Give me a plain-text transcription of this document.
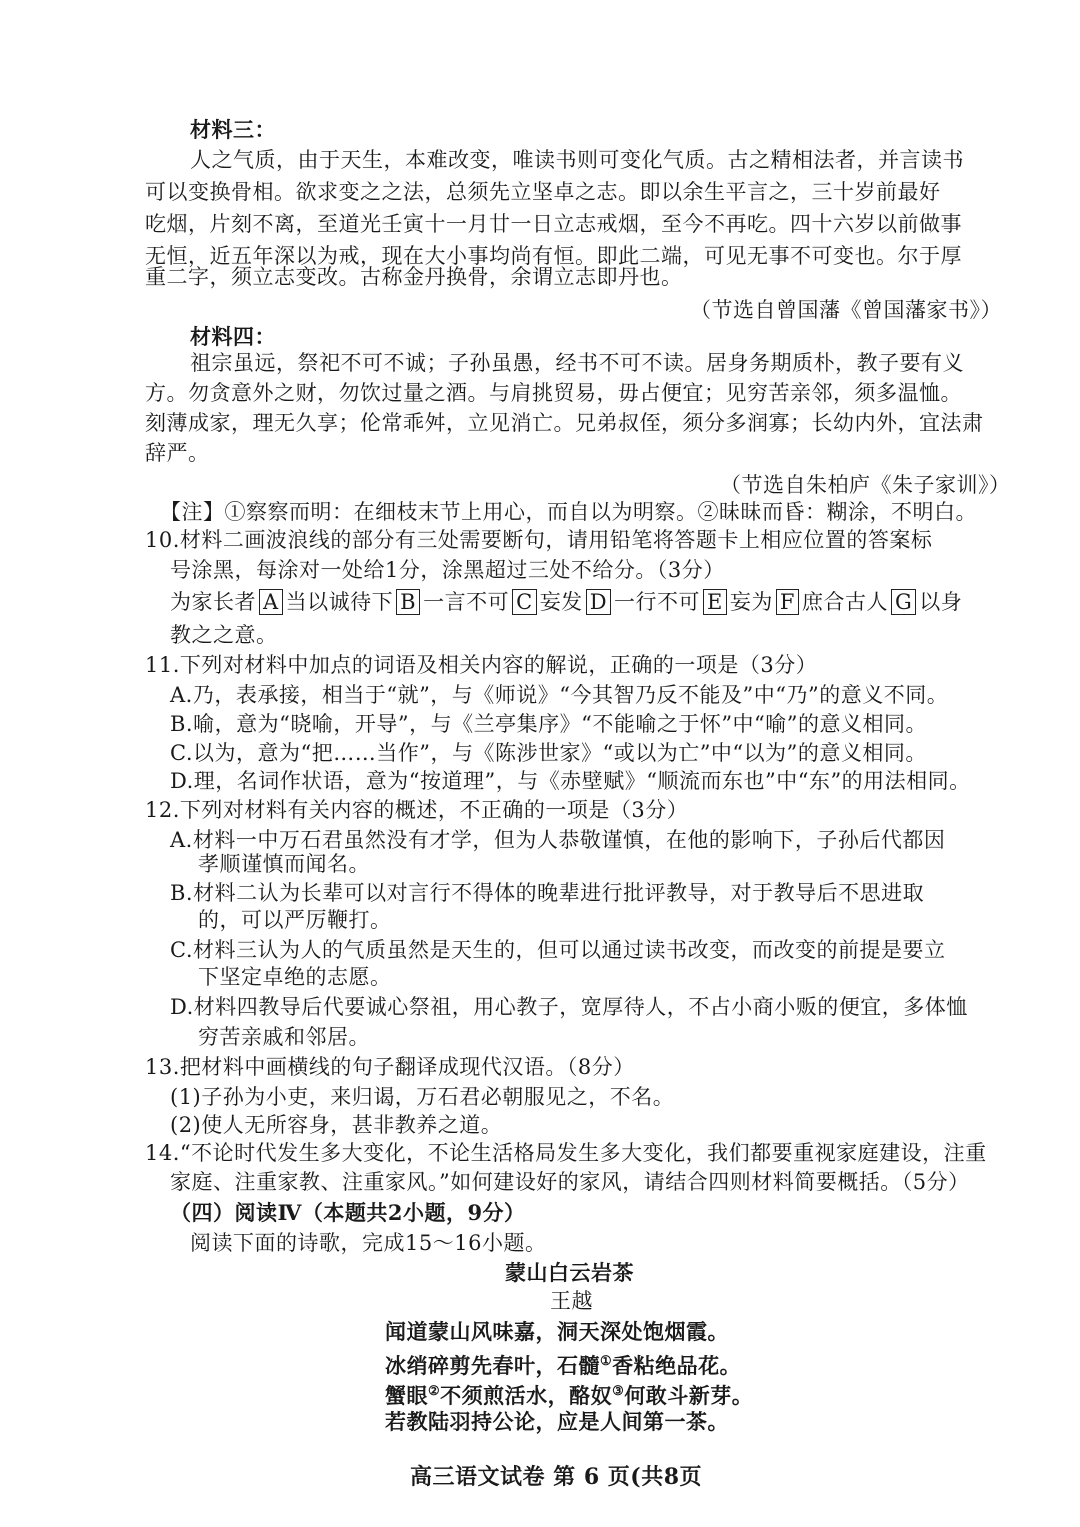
材料三：
人之气质，由于天生，本难改变，唯读书则可变化气质。古之精相法者，并言读书
可以变换骨相。欲求变之之法，总须先立坚卓之志。即以余生平言之，三十岁前最好
吃烟，片刻不离，至道光壬寅十一月廿一日立志戒烟，至今不再吃。四十六岁以前做事
无恒，近五年深以为戒，现在大小事均尚有恒。即此二端，可见无事不可变也。尔于厚
重二字，须立志变改。古称金丹换骨，余谓立志即丹也。
（节选自曾国藩《曾国藩家书》）
材料四：
祖宗虽远，祭祀不可不诚；子孙虽愚，经书不可不读。居身务期质朴，教子要有义
方。勿贪意外之财，勿饮过量之酒。与肩挑贸易，毋占便宜；见穷苦亲邻，须多温恤。
刻薄成家，理无久享；伦常乖舛，立见消亡。兄弟叔侄，须分多润寡；长幼内外，宜法肃
辞严。
（节选自朱柏庐《朱子家训》）
【注】①察察而明：在细枝末节上用心，而自以为明察。②昧昧而昏：糊涂，不明白。
10.材料二画波浪线的部分有三处需要断句，请用铅笔将答题卡上相应位置的答案标
号涂黑，每涂对一处给1分，涂黑超过三处不给分。（3分）
为家长者 A 当以诚待下 B 一言不可 C 妄发 D 一行不可 E 妄为 F 庶合古人 G 以身
教之之意。
11.下列对材料中加点的词语及相关内容的解说，正确的一项是（3分）
A.乃，表承接，相当于“就”，与《师说》“今其智乃反不能及”中“乃”的意义不同。
B.喻，意为“晓喻，开导”，与《兰亭集序》“不能喻之于怀”中“喻”的意义相同。
C.以为，意为“把……当作”，与《陈涉世家》“或以为亡”中“以为”的意义相同。
D.理，名词作状语，意为“按道理”，与《赤壁赋》“顺流而东也”中“东”的用法相同。
12.下列对材料有关内容的概述，不正确的一项是（3分）
A.材料一中万石君虽然没有才学，但为人恭敬谨慎，在他的影响下，子孙后代都因
孝顺谨慎而闻名。
B.材料二认为长辈可以对言行不得体的晚辈进行批评教导，对于教导后不思进取
的，可以严厉鞭打。
C.材料三认为人的气质虽然是天生的，但可以通过读书改变，而改变的前提是要立
下坚定卓绝的志愿。
D.材料四教导后代要诚心祭祖，用心教子，宽厚待人，不占小商小贩的便宜，多体恤
穷苦亲戚和邻居。
13.把材料中画横线的句子翻译成现代汉语。（8分）
(1)子孙为小吏，来归谒，万石君必朝服见之，不名。
(2)使人无所容身，甚非教养之道。
14.“不论时代发生多大变化，不论生活格局发生多大变化，我们都要重视家庭建设，注重
家庭、注重家教、注重家风。”如何建设好的家风，请结合四则材料简要概括。（5分）
（四）阅读Ⅳ（本题共2小题，9分）
阅读下面的诗歌，完成15～16小题。
蒙山白云岩茶
王越
闻道蒙山风味嘉，洞天深处饱烟霞。
冰绡碎剪先春叶，石髓①香粘绝品花。
蟹眼②不须煎活水，酪奴③何敢斗新芽。
若教陆羽持公论，应是人间第一茶。
高三语文试卷 第 6 页(共8页
